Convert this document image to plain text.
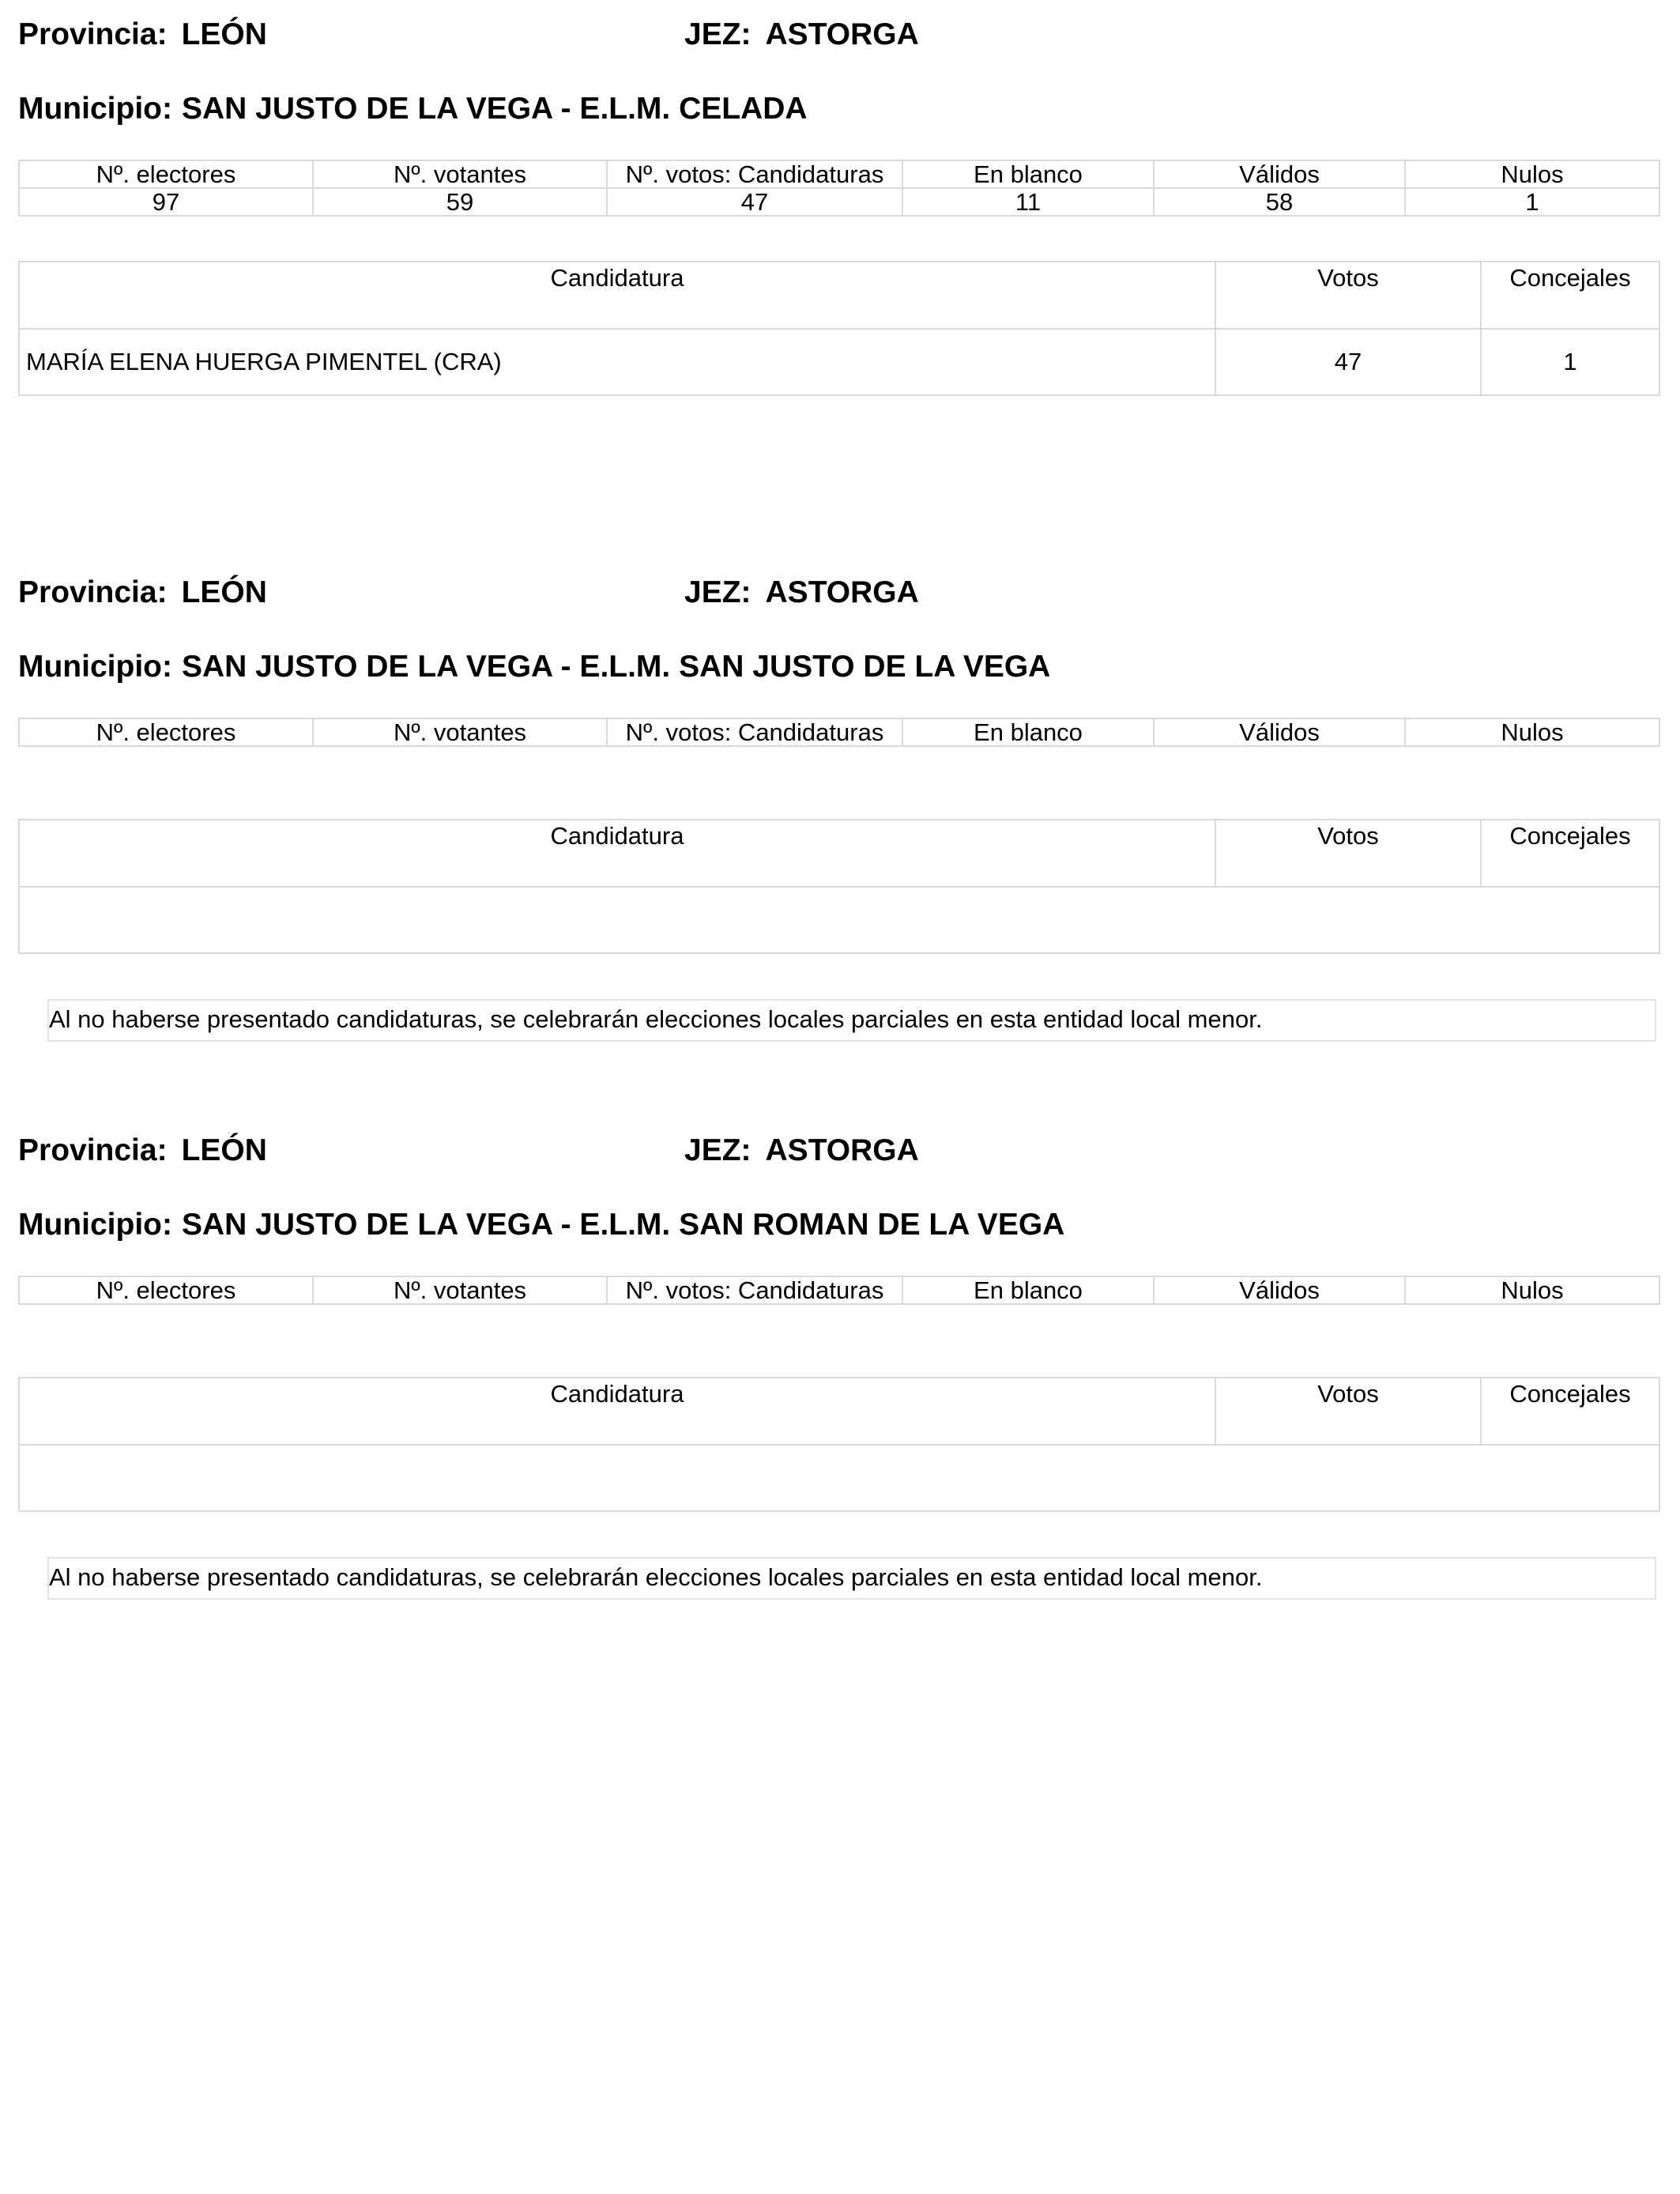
Provincia: LEÓN	JEZ: ASTORGA
Municipio: SAN JUSTO DE LA VEGA - E.L.M. CELADA
Nº. electores	Nº. votantes	Nº. votos: Candidaturas	En blanco	Válidos	Nulos
97	59	47	11	58	1
Candidatura	Votos	Concejales
MARÍA ELENA HUERGA PIMENTEL (CRA)	47	1
Provincia: LEÓN	JEZ: ASTORGA
Municipio: SAN JUSTO DE LA VEGA - E.L.M. SAN JUSTO DE LA VEGA
Nº. electores	Nº. votantes	Nº. votos: Candidaturas	En blanco	Válidos	Nulos
Candidatura	Votos	Concejales

Al no haberse presentado candidaturas, se celebrarán elecciones locales parciales en esta entidad local menor.
Provincia: LEÓN	JEZ: ASTORGA
Municipio: SAN JUSTO DE LA VEGA - E.L.M. SAN ROMAN DE LA VEGA
Nº. electores	Nº. votantes	Nº. votos: Candidaturas	En blanco	Válidos	Nulos
Candidatura	Votos	Concejales

Al no haberse presentado candidaturas, se celebrarán elecciones locales parciales en esta entidad local menor.
